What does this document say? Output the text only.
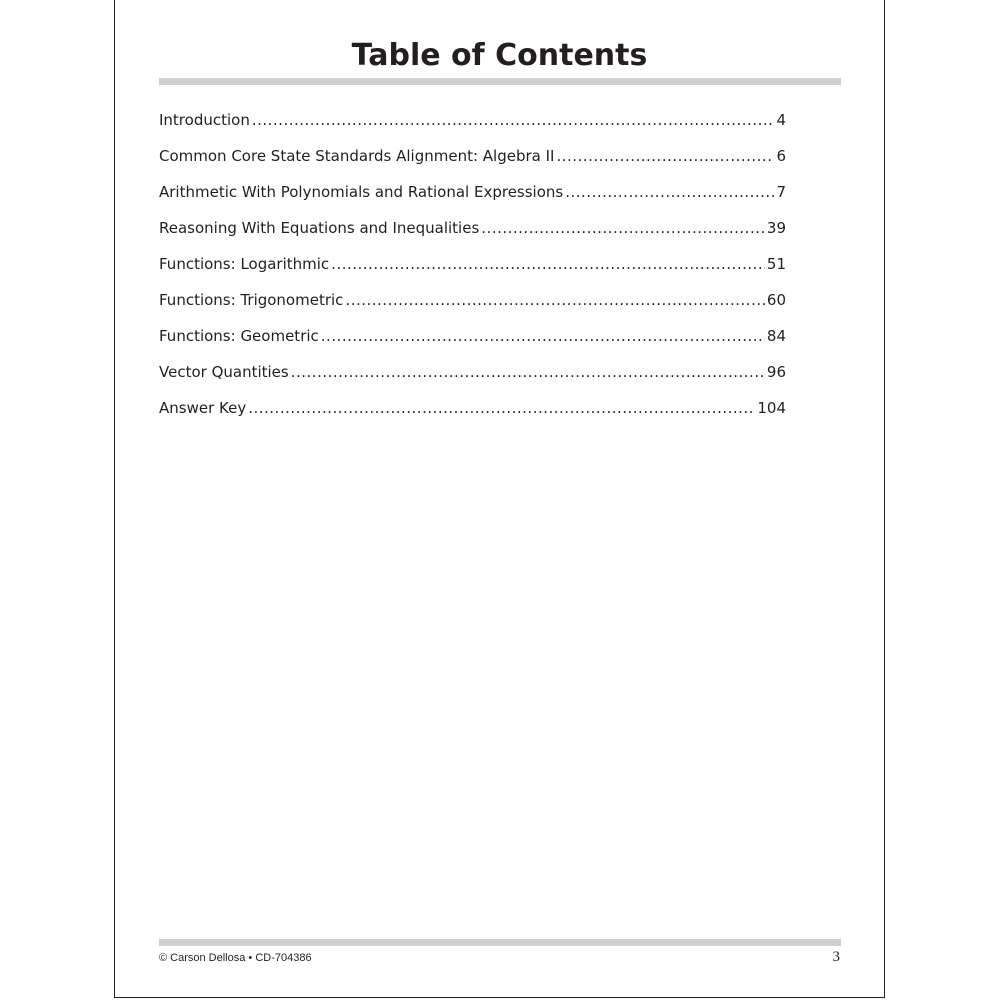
Table of Contents
Introduction .....	4
Common Core State Standards Alignment: Algebra II .....	6
Arithmetic With Polynomials and Rational Expressions .....	7
Reasoning With Equations and Inequalities .....	39
Functions: Logarithmic .....	51
Functions: Trigonometric .....	60
Functions: Geometric .....	84
Vector Quantities .....	96
Answer Key .....	104
© Carson Dellosa • CD-704386	3
